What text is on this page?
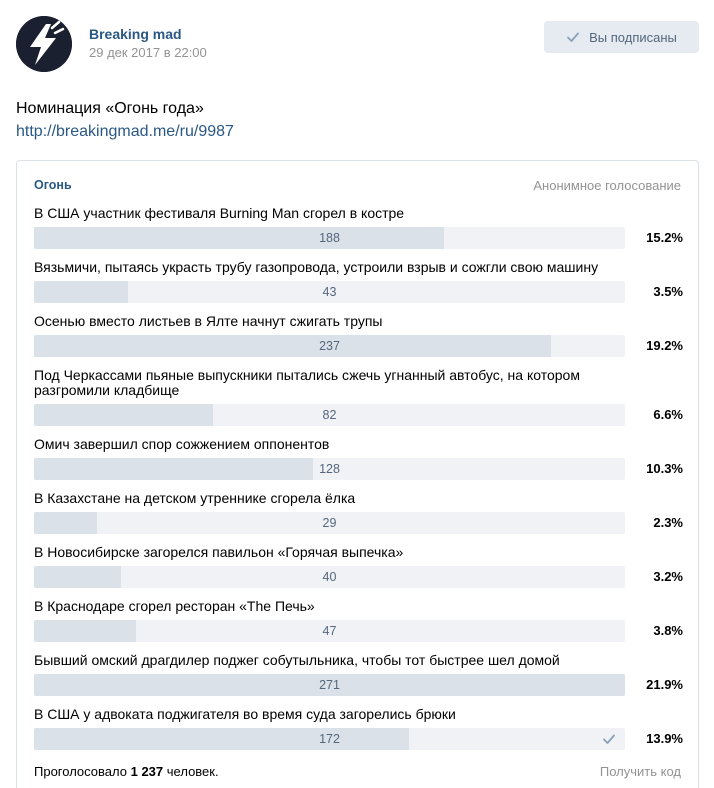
Breaking mad
29 дек 2017 в 22:00
Вы подписаны
Номинация «Огонь года»
http://breakingmad.me/ru/9987
Огонь	Анонимное голосование
В США участник фестиваля Burning Man сгорел в костре
188	15.2%
Вязьмичи, пытаясь украсть трубу газопровода, устроили взрыв и сожгли свою машину
43	3.5%
Осенью вместо листьев в Ялте начнут сжигать трупы
237	19.2%
Под Черкассами пьяные выпускники пытались сжечь угнанный автобус, на котором разгромили кладбище
82	6.6%
Омич завершил спор сожжением оппонентов
128	10.3%
В Казахстане на детском утреннике сгорела ёлка
29	2.3%
В Новосибирске загорелся павильон «Горячая выпечка»
40	3.2%
В Краснодаре сгорел ресторан «The Печь»
47	3.8%
Бывший омский драгдилер поджег собутыльника, чтобы тот быстрее шел домой
271	21.9%
В США у адвоката поджигателя во время суда загорелись брюки
172	13.9%
Проголосовало 1 237 человек.	Получить код
